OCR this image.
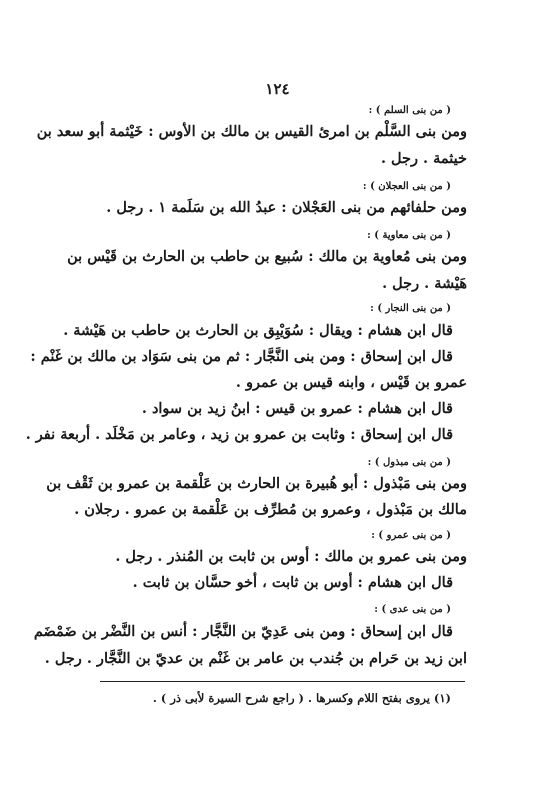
١٢٤
( من بنى السلم ) :
ومن بنى السَّلْم بن امرئ القيس بن مالك بن الأوس : خَيْثمة أبو سعد بن
خيثمة . رجل .
( من بنى العجلان ) :
ومن حلفائهم من بنى العَجْلان : عبدُ الله بن سَلَمة ١ . رجل .
( من بنى معاوية ) :
ومن بنى مُعاوية بن مالك : سُبيع بن حاطب بن الحارث بن قَيْس بن
هَيْشة . رجل .
( من بنى النجار ) :
قال ابن هشام : ويقال : سُوَيْبِق بن الحارث بن حاطب بن هَيْشة .
قال ابن إسحاق : ومن بنى النَّجَّار : ثم من بنى سَوَاد بن مالك بن غَنْم :
عمرو بن قَيْس ، وابنه قيس بن عمرو .
قال ابن هشام : عمرو بن قيس : ابنُ زيد بن سواد .
قال ابن إسحاق : وثابت بن عمرو بن زيد ، وعامر بن مَخْلَد . أربعة نفر .
( من بنى مبذول ) :
ومن بنى مَبْذول : أبو هُبيرة بن الحارث بن عَلْقمة بن عمرو بن ثَقْف بن
مالك بن مَبْذول ، وعمرو بن مُطرِّف بن عَلْقمة بن عمرو . رجلان .
( من بنى عمرو ) :
ومن بنى عمرو بن مالك : أوس بن ثابت بن المُنذر . رجل .
قال ابن هشام : أوس بن ثابت ، أخو حسَّان بن ثابت .
( من بنى عدى ) :
قال ابن إسحاق : ومن بنى عَدِيّ بن النَّجَّار : أنس بن النَّضْر بن ضَمْضَم
ابن زيد بن حَرام بن جُندب بن عامر بن غَنْم بن عديّ بن النَّجَّار . رجل .
(١) يروى بفتح اللام وكسرها . ( راجع شرح السيرة لأبى ذر ) .
